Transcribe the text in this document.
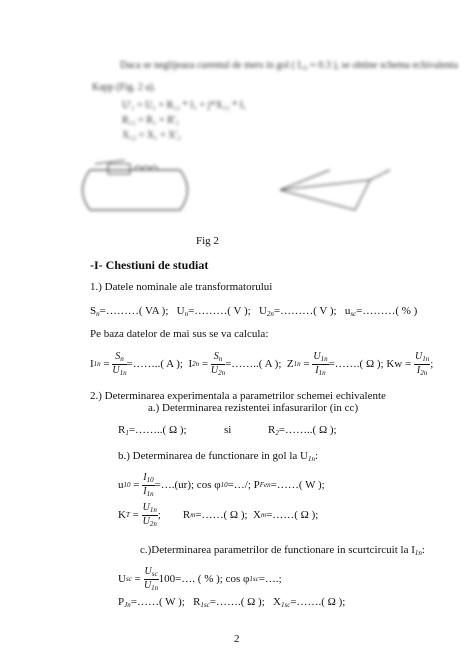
Daca se neglijeaza curentul de mers in gol ( I₁₀ ≈ 0.3 ), se obtine schema echivalenta
Kapp (Fig. 2 a).
U'₁ = U₁ + R₁₂ * I₁ + j*X₁₂ * I₁
R₁₂ = R₁ + R'₂
X₁₂ = X₁ + X'₂
Fig 2
-I- Chestiuni de studiat
1.) Datele nominale ale transformatorului
$S_n=\dots\dots\dots$( VA ); $U_n=\dots\dots\dots$( V ); $U_{2n}=\dots\dots\dots$( V ); $u_{sc}=\dots\dots\dots$( % )
Pe baza datelor de mai sus se va calcula:
I $1n = \frac{S_n}{U_{1n}}$ =……..( A );
I $2n = \frac{S_n}{U_{2n}}$ =……..( A );
Z $1n = \frac{U_{1n}}{I_{1n}}$ =…….( Ω );
Kw =
$\frac{U_{1n}}{I_{2n}}$ ;
2.) Determinarea experimentala a parametrilor schemei echivalente
a.) Determinarea rezistentei infasurarilor (in cc)
$R_1=\dots\dots$..( Ω );	si	$R_2=\dots\dots$..( Ω );
b.) Determinarea de functionare in gol la $U_{1n}$:
u $10 = \frac{I_{10}}{I_{1n}}$ =….(ur); cos φ 10 =…/; P Fen =……( W );
K $T = \frac{U_{1n}}{U_{2n}}$ ;
R m =……( Ω );
X m =……( Ω );
c.)Determinarea parametrilor de functionare in scurtcircuit la $I_{1n}$:
U sc = $\frac{U_{sc}}{U_{1n}}$ 100=…. ( % ); cos φ 1sc =….;
$P_{Jn}=\dots\dots$( W ); $R_{1sc}=\dots\dots$.( Ω ); $X_{1sc}=\dots\dots$.( Ω );
2
